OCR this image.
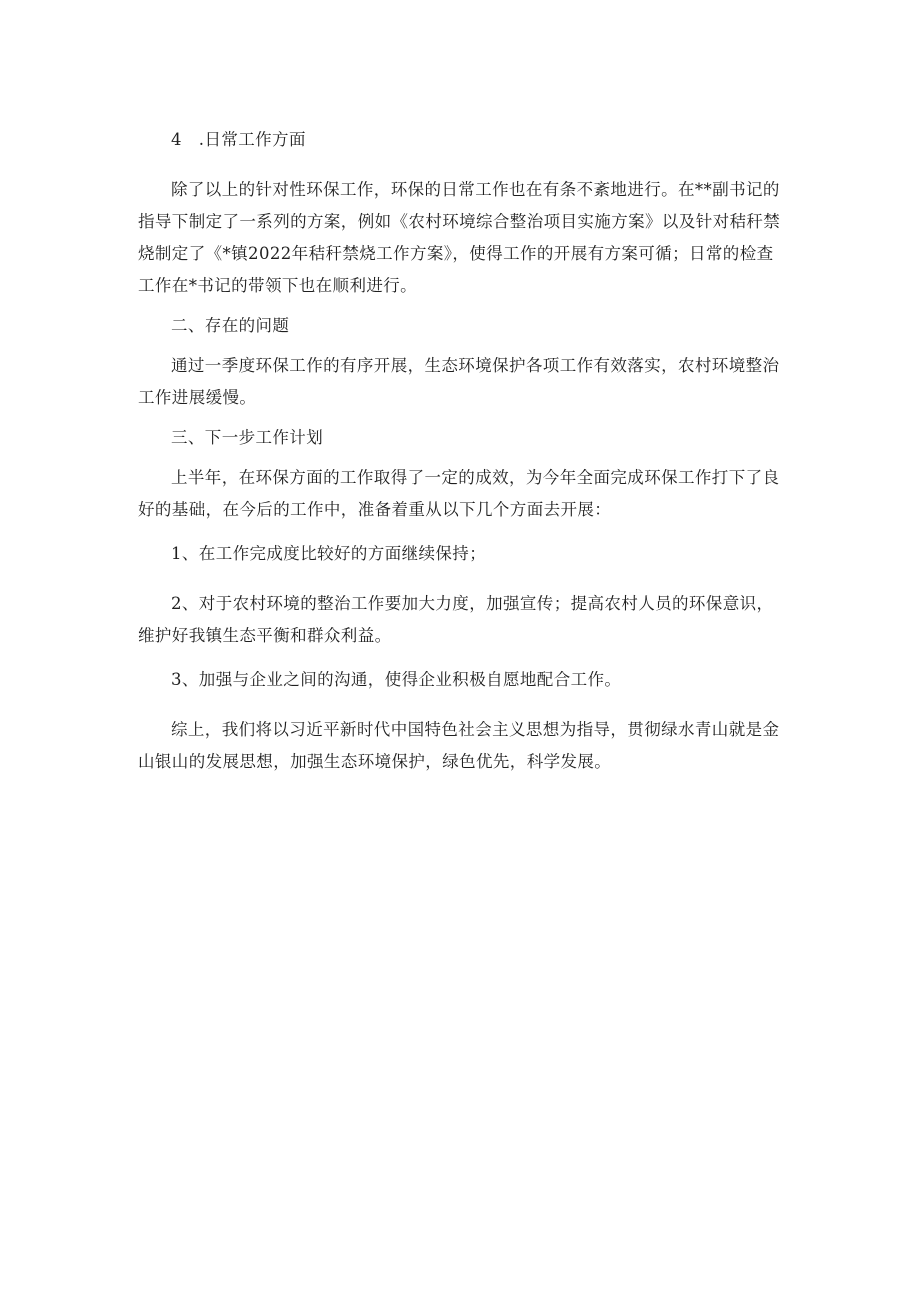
4　.日常工作方面

除了以上的针对性环保工作，环保的日常工作也在有条不紊地进行。在**副书记的指导下制定了一系列的方案，例如《农村环境综合整治项目实施方案》以及针对秸秆禁烧制定了《*镇2022年秸秆禁烧工作方案》，使得工作的开展有方案可循；日常的检查工作在*书记的带领下也在顺利进行。

二、存在的问题

通过一季度环保工作的有序开展，生态环境保护各项工作有效落实，农村环境整治工作进展缓慢。

三、下一步工作计划

上半年，在环保方面的工作取得了一定的成效，为今年全面完成环保工作打下了良好的基础，在今后的工作中，准备着重从以下几个方面去开展：

1、在工作完成度比较好的方面继续保持；

2、对于农村环境的整治工作要加大力度，加强宣传；提高农村人员的环保意识，维护好我镇生态平衡和群众利益。

3、加强与企业之间的沟通，使得企业积极自愿地配合工作。

综上，我们将以习近平新时代中国特色社会主义思想为指导，贯彻绿水青山就是金山银山的发展思想，加强生态环境保护，绿色优先，科学发展。
